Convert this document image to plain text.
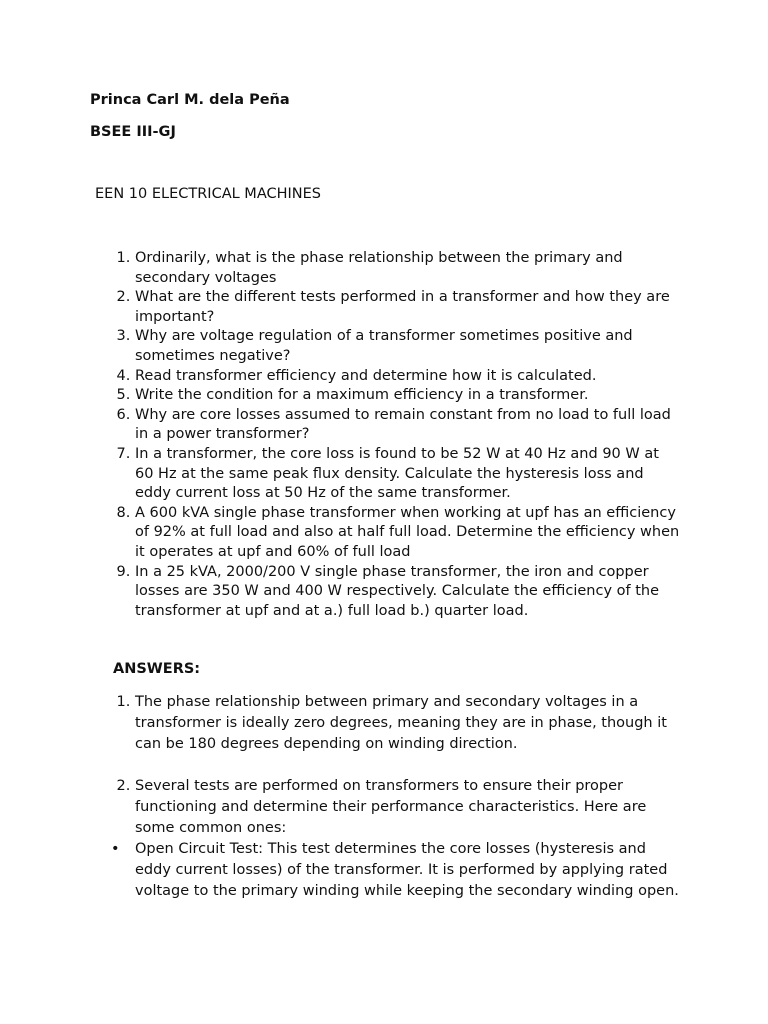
Princa Carl M. dela Peña
BSEE III-GJ
EEN 10 ELECTRICAL MACHINES
1. Ordinarily, what is the phase relationship between the primary and secondary voltages
2. What are the different tests performed in a transformer and how they are important?
3. Why are voltage regulation of a transformer sometimes positive and sometimes negative?
4. Read transformer efficiency and determine how it is calculated.
5. Write the condition for a maximum efficiency in a transformer.
6. Why are core losses assumed to remain constant from no load to full load in a power transformer?
7. In a transformer, the core loss is found to be 52 W at 40 Hz and 90 W at 60 Hz at the same peak flux density. Calculate the hysteresis loss and eddy current loss at 50 Hz of the same transformer.
8. A 600 kVA single phase transformer when working at upf has an efficiency of 92% at full load and also at half full load. Determine the efficiency when it operates at upf and 60% of full load
9. In a 25 kVA, 2000/200 V single phase transformer, the iron and copper losses are 350 W and 400 W respectively. Calculate the efficiency of the transformer at upf and at a.) full load b.) quarter load.
ANSWERS:
1. The phase relationship between primary and secondary voltages in a transformer is ideally zero degrees, meaning they are in phase, though it can be 180 degrees depending on winding direction.
2. Several tests are performed on transformers to ensure their proper functioning and determine their performance characteristics. Here are some common ones:
•	Open Circuit Test: This test determines the core losses (hysteresis and eddy current losses) of the transformer. It is performed by applying rated voltage to the primary winding while keeping the secondary winding open.
